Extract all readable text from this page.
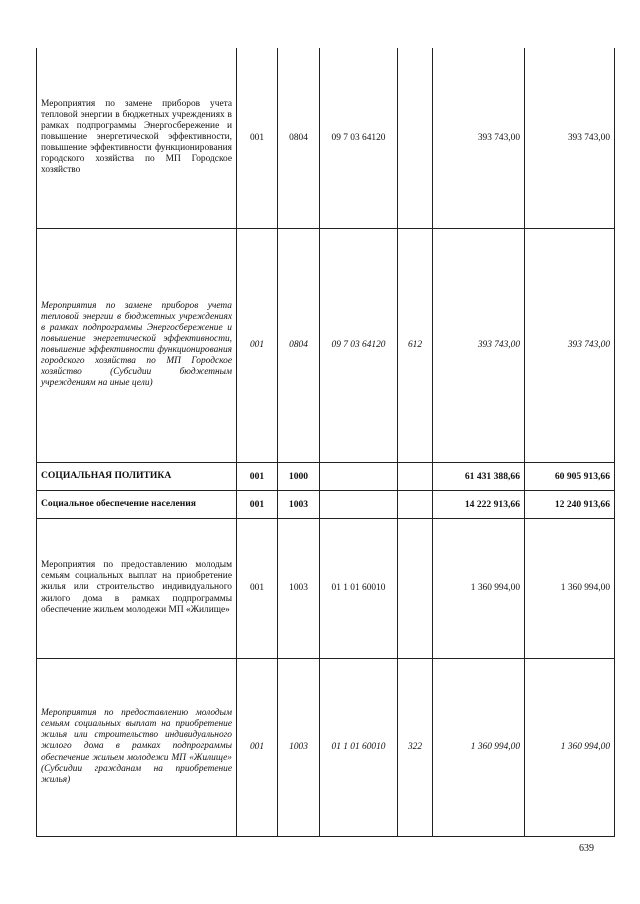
Мероприятия по замене приборов учета тепловой энергии в бюджетных учреждениях в рамках подпрограммы Энергосбережение и повышение энергетической эффективности, повышение эффективности функционирования городского хозяйства по МП Городское хозяйство	001	0804	09 7 03 64120		393 743,00	393 743,00
Мероприятия по замене приборов учета тепловой энергии в бюджетных учреждениях в рамках подпрограммы Энергосбережение и повышение энергетической эффективности, повышение эффективности функционирования городского хозяйства по МП Городское хозяйство (Субсидии бюджетным учреждениям на иные цели)	001	0804	09 7 03 64120	612	393 743,00	393 743,00
СОЦИАЛЬНАЯ ПОЛИТИКА	001	1000			61 431 388,66	60 905 913,66
Социальное обеспечение населения	001	1003			14 222 913,66	12 240 913,66
Мероприятия по предоставлению молодым семьям социальных выплат на приобретение жилья или строительство индивидуального жилого дома в рамках подпрограммы обеспечение жильем молодежи МП «Жилище»	001	1003	01 1 01 60010		1 360 994,00	1 360 994,00
Мероприятия по предоставлению молодым семьям социальных выплат на приобретение жилья или строительство индивидуального жилого дома в рамках подпрограммы обеспечение жильем молодежи МП «Жилище» (Субсидии гражданам на приобретение жилья)	001	1003	01 1 01 60010	322	1 360 994,00	1 360 994,00
639
